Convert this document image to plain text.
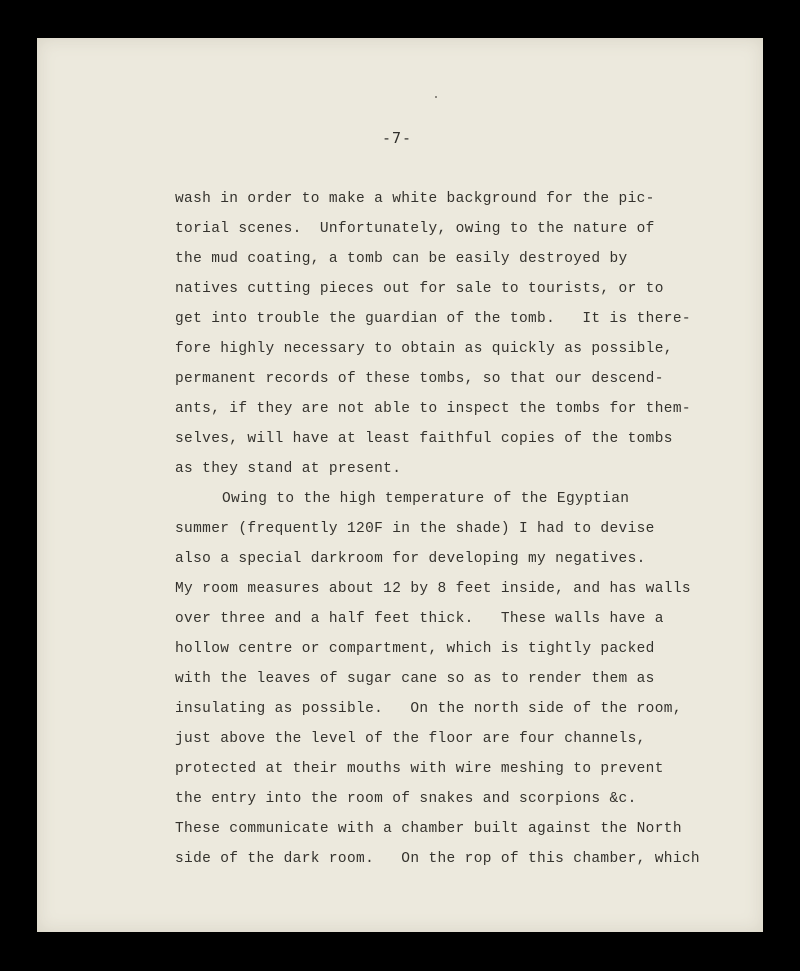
-7-
wash in order to make a white background for the pic-
torial scenes.  Unfortunately, owing to the nature of
the mud coating, a tomb can be easily destroyed by
natives cutting pieces out for sale to tourists, or to
get into trouble the guardian of the tomb.   It is there-
fore highly necessary to obtain as quickly as possible,
permanent records of these tombs, so that our descend-
ants, if they are not able to inspect the tombs for them-
selves, will have at least faithful copies of the tombs
as they stand at present.
Owing to the high temperature of the Egyptian
summer (frequently 120F in the shade) I had to devise
also a special darkroom for developing my negatives.
My room measures about 12 by 8 feet inside, and has walls
over three and a half feet thick.   These walls have a
hollow centre or compartment, which is tightly packed
with the leaves of sugar cane so as to render them as
insulating as possible.   On the north side of the room,
just above the level of the floor are four channels,
protected at their mouths with wire meshing to prevent
the entry into the room of snakes and scorpions &c.
These communicate with a chamber built against the North
side of the dark room.   On the rop of this chamber, which
